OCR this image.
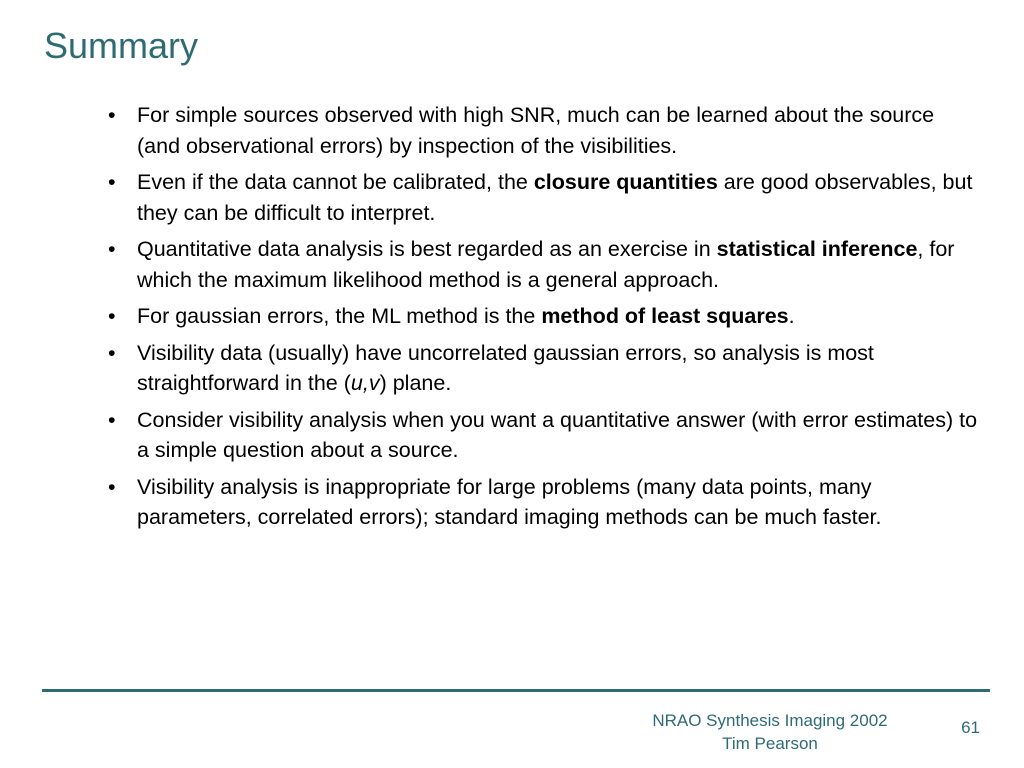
Summary
• For simple sources observed with high SNR, much can be learned about the source (and observational errors) by inspection of the visibilities.
• Even if the data cannot be calibrated, the closure quantities are good observables, but they can be difficult to interpret.
• Quantitative data analysis is best regarded as an exercise in statistical inference, for which the maximum likelihood method is a general approach.
• For gaussian errors, the ML method is the method of least squares.
• Visibility data (usually) have uncorrelated gaussian errors, so analysis is most straightforward in the (u,v) plane.
• Consider visibility analysis when you want a quantitative answer (with error estimates) to a simple question about a source.
• Visibility analysis is inappropriate for large problems (many data points, many parameters, correlated errors); standard imaging methods can be much faster.
NRAO Synthesis Imaging 2002
Tim Pearson
61
